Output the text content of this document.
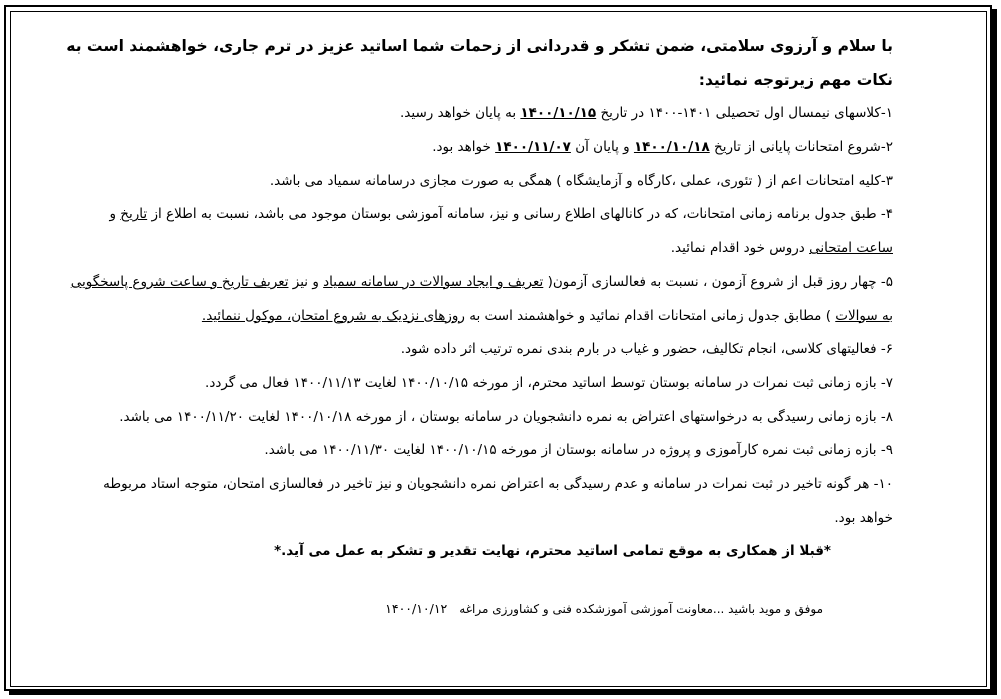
با سلام و آرزوی سلامتی، ضمن تشکر و قدردانی از زحمات شما اساتید عزیز در ترم جاری، خواهشمند است به
نکات مهم زیرتوجه نمائید:
۱-کلاسهای نیمسال اول تحصیلی ۱۴۰۱-۱۴۰۰ در تاریخ ۱۴۰۰/۱۰/۱۵ به پایان خواهد رسید.
۲-شروع امتحانات پایانی از تاریخ ۱۴۰۰/۱۰/۱۸ و پایان آن ۱۴۰۰/۱۱/۰۷ خواهد بود.
۳-کلیه امتحانات اعم از ( تئوری، عملی ،کارگاه و آزمایشگاه ) همگی به صورت مجازی درسامانه سمیاد می باشد.
۴- طبق جدول برنامه زمانی امتحانات، که در کانالهای اطلاع رسانی و نیز، سامانه آموزشی بوستان موجود می باشد، نسبت به اطلاع از تاریخ و
ساعت امتحانی دروس خود اقدام نمائید.
۵- چهار روز قبل از شروع آزمون ، نسبت به فعالسازی آزمون( تعریف و ایجاد سوالات در سامانه سمیاد و نیز تعریف تاریخ و ساعت شروع پاسخگویی
به سوالات ) مطابق جدول زمانی امتحانات اقدام نمائید و خواهشمند است به روزهای نزدیک به شروع امتحان، موکول ننمائید.
۶- فعالیتهای کلاسی، انجام تکالیف، حضور و غیاب در بارم بندی نمره ترتیب اثر داده شود.
۷- بازه زمانی ثبت نمرات در سامانه بوستان توسط اساتید محترم، از مورخه ۱۴۰۰/۱۰/۱۵ لغایت ۱۴۰۰/۱۱/۱۳ فعال می گردد.
۸- بازه زمانی رسیدگی به درخواستهای اعتراض به نمره دانشجویان در سامانه بوستان ، از مورخه ۱۴۰۰/۱۰/۱۸ لغایت ۱۴۰۰/۱۱/۲۰ می باشد.
۹- بازه زمانی ثبت نمره کارآموزی و پروژه در سامانه بوستان از مورخه ۱۴۰۰/۱۰/۱۵ لغایت ۱۴۰۰/۱۱/۳۰ می باشد.
۱۰- هر گونه تاخیر در ثبت نمرات در سامانه و عدم رسیدگی به اعتراض نمره دانشجویان و نیز تاخیر در فعالسازی امتحان، متوجه استاد مربوطه
خواهد بود.
*قبلا از همکاری به موقع تمامی اساتید محترم، نهایت تقدیر و تشکر به عمل می آید.*
موفق و موید باشید ...معاونت آموزشی آموزشکده فنی و کشاورزی مراغه۱۴۰۰/۱۰/۱۲
